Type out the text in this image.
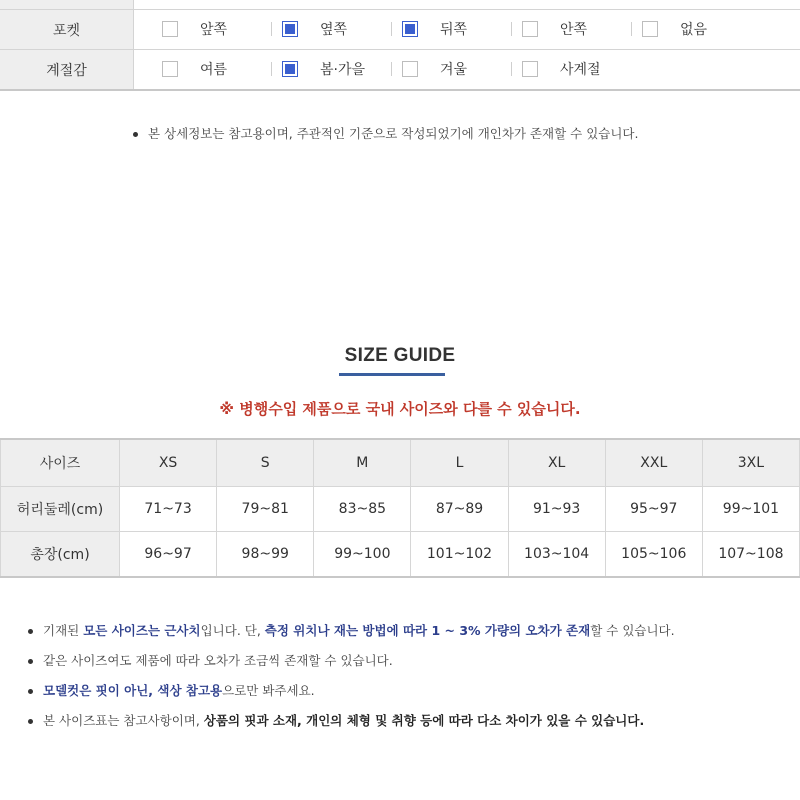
포켓	앞쪽 옆쪽 뒤쪽 안쪽 없음

계절감	여름 봄·가을 겨울 사계절
본 상세정보는 참고용이며, 주관적인 기준으로 작성되었기에 개인차가 존재할 수 있습니다.
SIZE GUIDE
※ 병행수입 제품으로 국내 사이즈와 다를 수 있습니다.
사이즈	XS	S	M	L	XL	XXL	3XL
허리둘레(cm)	71~73	79~81	83~85	87~89	91~93	95~97	99~101
총장(cm)	96~97	98~99	99~100	101~102	103~104	105~106	107~108
기재된 모든 사이즈는 근사치입니다. 단, 측정 위치나 재는 방법에 따라 1 ~ 3% 가량의 오차가 존재할 수 있습니다.
같은 사이즈여도 제품에 따라 오차가 조금씩 존재할 수 있습니다.
모델컷은 핏이 아닌, 색상 참고용으로만 봐주세요.
본 사이즈표는 참고사항이며, 상품의 핏과 소재, 개인의 체형 및 취향 등에 따라 다소 차이가 있을 수 있습니다.
